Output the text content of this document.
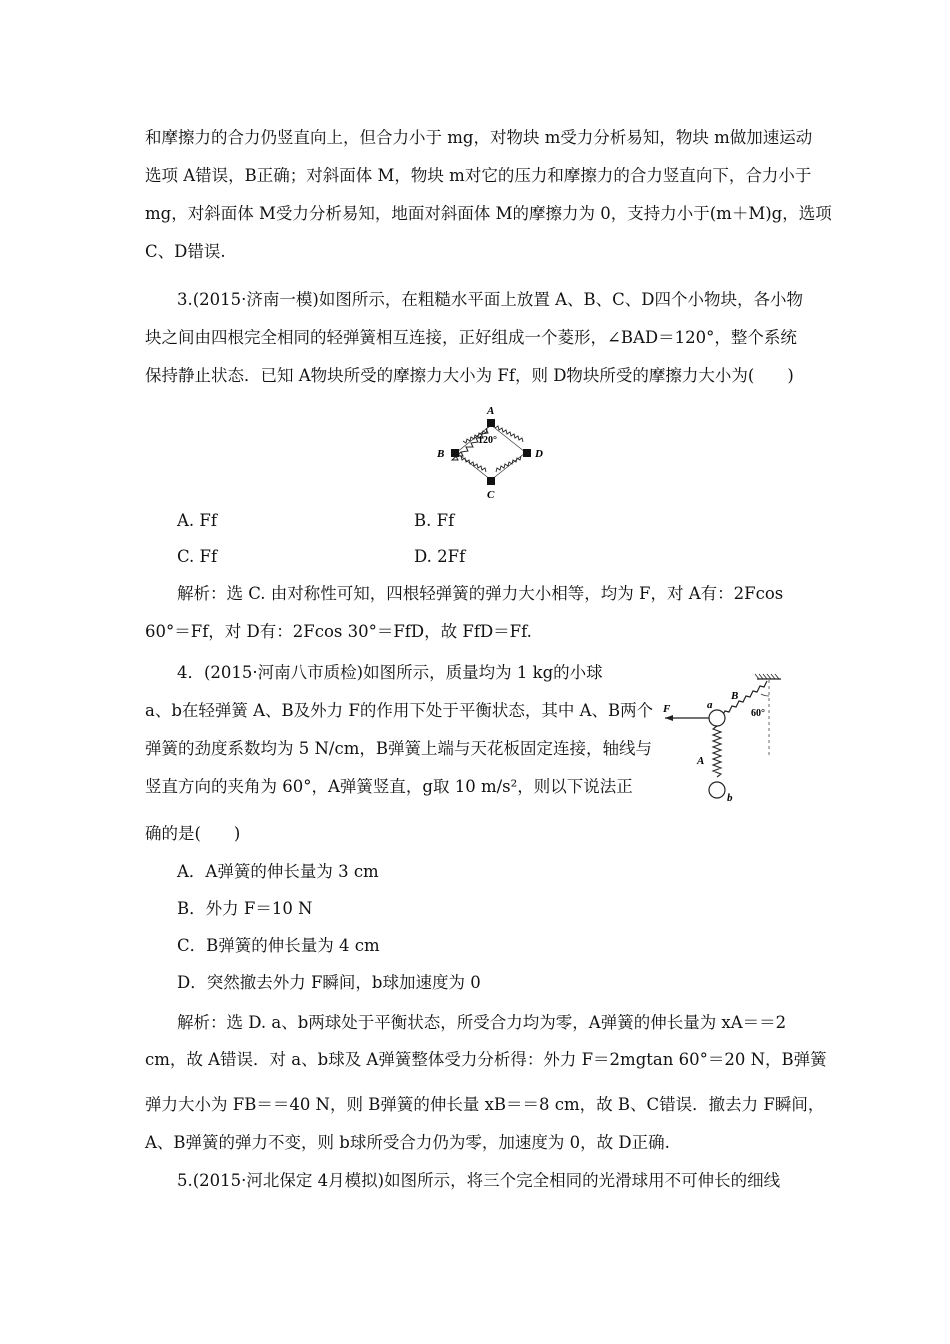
和摩擦力的合力仍竖直向上，但合力小于 mg，对物块 m受力分析易知，物块 m做加速运动
选项 A错误，B正确；对斜面体 M，物块 m对它的压力和摩擦力的合力竖直向下，合力小于
mg，对斜面体 M受力分析易知，地面对斜面体 M的摩擦力为 0，支持力小于(m＋M)g，选项
C、D错误.
3.(2015·济南一模)如图所示，在粗糙水平面上放置 A、B、C、D四个小物块，各小物
块之间由四根完全相同的轻弹簧相互连接，正好组成一个菱形，∠BAD＝120°，整个系统
保持静止状态．已知 A物块所受的摩擦力大小为 Ff，则 D物块所受的摩擦力大小为(　　)
A
B
C
D
120°
A. Ff	B. Ff
C. Ff	D. 2Ff
解析：选 C. 由对称性可知，四根轻弹簧的弹力大小相等，均为 F，对 A有：2Fcos
60°＝Ff，对 D有：2Fcos 30°＝FfD，故 FfD＝Ff.
4．(2015·河南八市质检)如图所示，质量均为 1 kg的小球
a、b在轻弹簧 A、B及外力 F的作用下处于平衡状态，其中 A、B两个
弹簧的劲度系数均为 5 N/cm，B弹簧上端与天花板固定连接，轴线与
竖直方向的夹角为 60°，A弹簧竖直，g取 10 m/s²，则以下说法正
确的是(　　)
F	a
b
A
B
60°
A．A弹簧的伸长量为 3 cm
B．外力 F＝10 N
C．B弹簧的伸长量为 4 cm
D．突然撤去外力 F瞬间，b球加速度为 0
解析：选 D. a、b两球处于平衡状态，所受合力均为零，A弹簧的伸长量为 xA＝＝2
cm，故 A错误．对 a、b球及 A弹簧整体受力分析得：外力 F＝2mgtan 60°＝20 N，B弹簧
弹力大小为 FB＝＝40 N，则 B弹簧的伸长量 xB＝＝8 cm，故 B、C错误．撤去力 F瞬间，
A、B弹簧的弹力不变，则 b球所受合力仍为零，加速度为 0，故 D正确.
5.(2015·河北保定 4月模拟)如图所示，将三个完全相同的光滑球用不可伸长的细线
